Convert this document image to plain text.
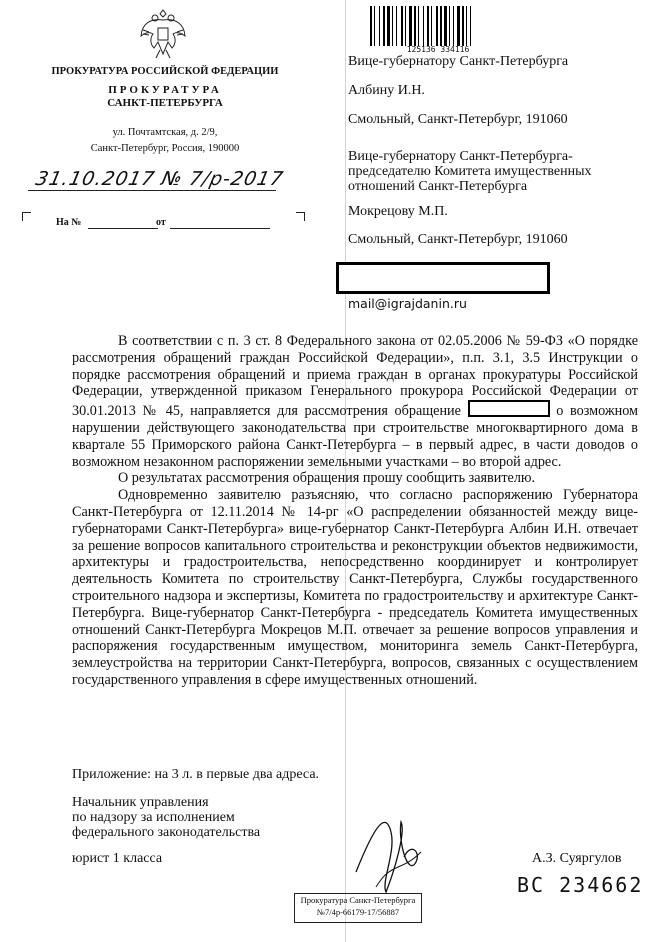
ПРОКУРАТУРА РОССИЙСКОЙ ФЕДЕРАЦИИ
ПРОКУРАТУРА
САНКТ-ПЕТЕРБУРГА
ул. Почтамтская, д. 2/9,
Санкт-Петербург, Россия, 190000
31.10.2017 № 7/р-2017
На №	от
125136 334116
Вице-губернатору Санкт-Петербурга
Албину И.Н.
Смольный, Санкт-Петербург, 191060
Вице-губернатору Санкт-Петербурга-
председателю Комитета имущественных
отношений Санкт-Петербурга
Мокрецову М.П.
Смольный, Санкт-Петербург, 191060
mail@igrajdanin.ru

В соответствии с п. 3 ст. 8 Федерального закона от 02.05.2006 № 59-ФЗ «О порядке рассмотрения обращений граждан Российской Федерации», п.п. 3.1, 3.5 Инструкции о порядке рассмотрения обращений и приема граждан в органах прокуратуры Российской Федерации, утвержденной приказом Генерального прокурора Российской Федерации от 30.01.2013 № 45, направляется для рассмотрения обращение	о возможном нарушении действующего законодательства при строительстве многоквартирного дома в квартале 55 Приморского района Санкт-Петербурга – в первый адрес, в части доводов о возможном незаконном распоряжении земельными участками – во второй адрес.

О результатах рассмотрения обращения прошу сообщить заявителю.

Одновременно заявителю разъясняю, что согласно распоряжению Губернатора Санкт-Петербурга от 12.11.2014 № 14-рг «О распределении обязанностей между вице-губернаторами Санкт-Петербурга» вице-губернатор Санкт-Петербурга Албин И.Н. отвечает за решение вопросов капитального строительства и реконструкции объектов недвижимости, архитектуры и градостроительства, непосредственно координирует и контролирует деятельность Комитета по строительству Санкт-Петербурга, Службы государственного строительного надзора и экспертизы, Комитета по градостроительству и архитектуре Санкт-Петербурга. Вице-губернатор Санкт-Петербурга - председатель Комитета имущественных отношений Санкт-Петербурга Мокрецов М.П. отвечает за решение вопросов управления и распоряжения государственным имуществом, мониторинга земель Санкт-Петербурга, землеустройства на территории Санкт-Петербурга, вопросов, связанных с осуществлением государственного управления в сфере имущественных отношений.

Приложение: на 3 л. в первые два адреса.
Начальник управления
по надзору за исполнением
федерального законодательства
юрист 1 класса	А.З. Суяргулов
ВС 234662
Прокуратура Санкт-Петербурга
№7/4р-66179-17/56887
